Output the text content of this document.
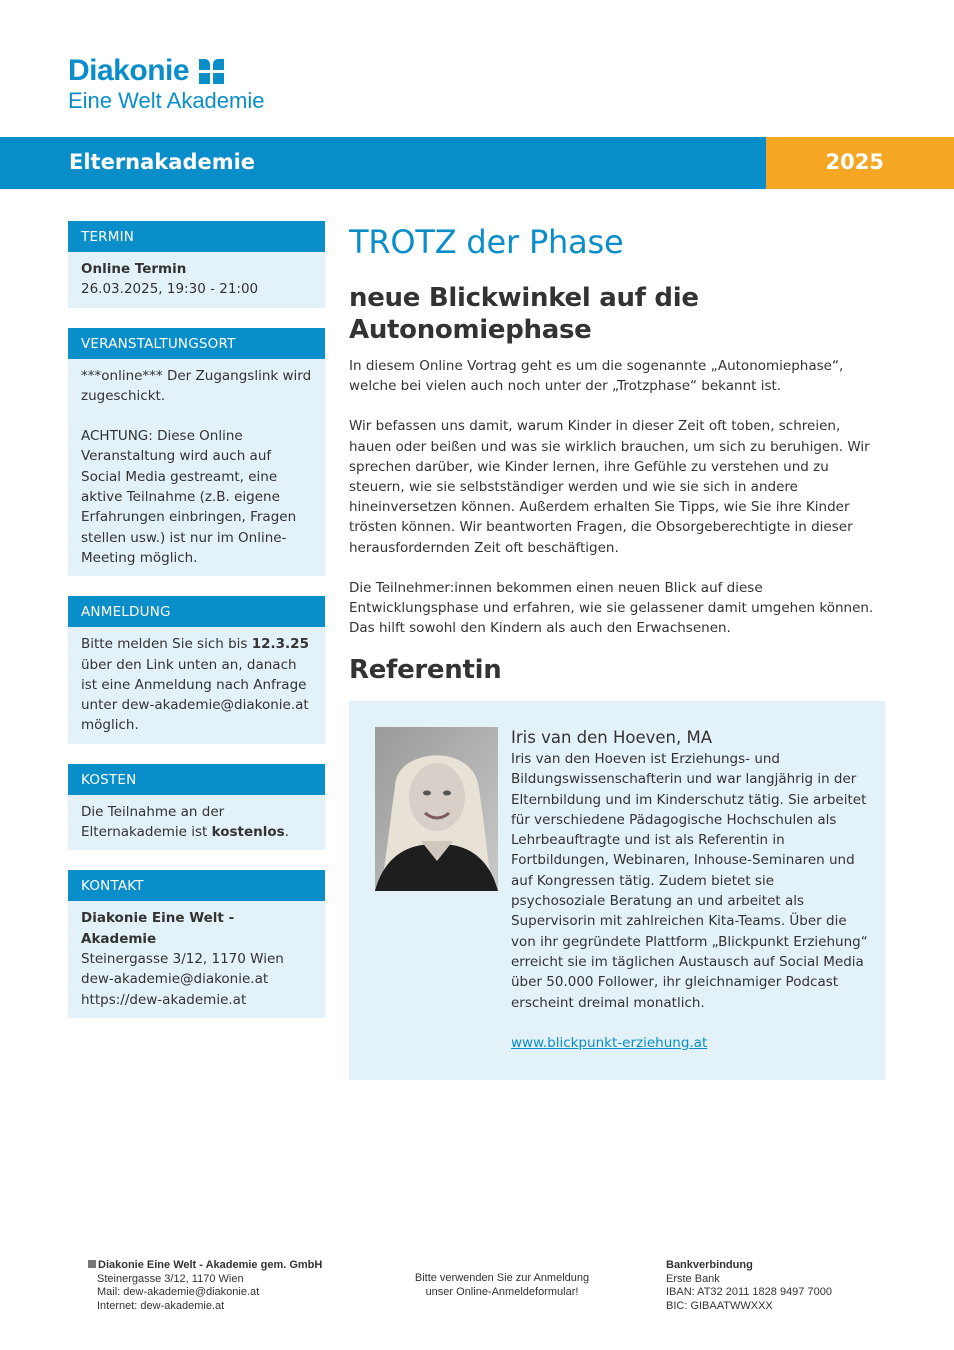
Diakonie
Eine Welt Akademie
Elternakademie	2025
TERMIN

Online Termin

26.03.2025, 19:30 - 21:00

VERANSTALTUNGSORT

***online*** Der Zugangslink wird zugeschickt.

ACHTUNG: Diese Online Veranstaltung wird auch auf Social Media gestreamt, eine aktive Teilnahme (z.B. eigene Erfahrungen einbringen, Fragen stellen usw.) ist nur im Online-Meeting möglich.

ANMELDUNG

Bitte melden Sie sich bis 12.3.25 über den Link unten an, danach ist eine Anmeldung nach Anfrage unter dew-akademie@diakonie.at möglich.

KOSTEN

Die Teilnahme an der Elternakademie ist kostenlos.

KONTAKT

Diakonie Eine Welt - Akademie

Steinergasse 3/12, 1170 Wien

dew-akademie@diakonie.at

https://dew-akademie.at

TROTZ der Phase
neue Blickwinkel auf die Autonomiephase

In diesem Online Vortrag geht es um die sogenannte „Autonomiephase“, welche bei vielen auch noch unter der „Trotzphase“ bekannt ist.

Wir befassen uns damit, warum Kinder in dieser Zeit oft toben, schreien, hauen oder beißen und was sie wirklich brauchen, um sich zu beruhigen. Wir sprechen darüber, wie Kinder lernen, ihre Gefühle zu verstehen und zu steuern, wie sie selbstständiger werden und wie sie sich in andere hineinversetzen können. Außerdem erhalten Sie Tipps, wie Sie ihre Kinder trösten können. Wir beantworten Fragen, die Obsorgeberechtigte in dieser herausfordernden Zeit oft beschäftigen.

Die Teilnehmer:innen bekommen einen neuen Blick auf diese Entwicklungsphase und erfahren, wie sie gelassener damit umgehen können. Das hilft sowohl den Kindern als auch den Erwachsenen.

Referentin
Iris van den Hoeven, MA

Iris van den Hoeven ist Erziehungs- und Bildungswissenschafterin und war langjährig in der Elternbildung und im Kinderschutz tätig. Sie arbeitet für verschiedene Pädagogische Hochschulen als Lehrbeauftragte und ist als Referentin in Fortbildungen, Webinaren, Inhouse-Seminaren und auf Kongressen tätig. Zudem bietet sie psychosoziale Beratung an und arbeitet als Supervisorin mit zahlreichen Kita-Teams. Über die von ihr gegründete Plattform „Blickpunkt Erziehung“ erreicht sie im täglichen Austausch auf Social Media über 50.000 Follower, ihr gleichnamiger Podcast erscheint dreimal monatlich.

www.blickpunkt-erziehung.at
Diakonie Eine Welt - Akademie gem. GmbH
Steinergasse 3/12, 1170 Wien
Mail: dew-akademie@diakonie.at
Internet: dew-akademie.at
Bitte verwenden Sie zur Anmeldung
unser Online-Anmeldeformular!
Bankverbindung
Erste Bank
IBAN: AT32 2011 1828 9497 7000
BIC: GIBAATWWXXX
